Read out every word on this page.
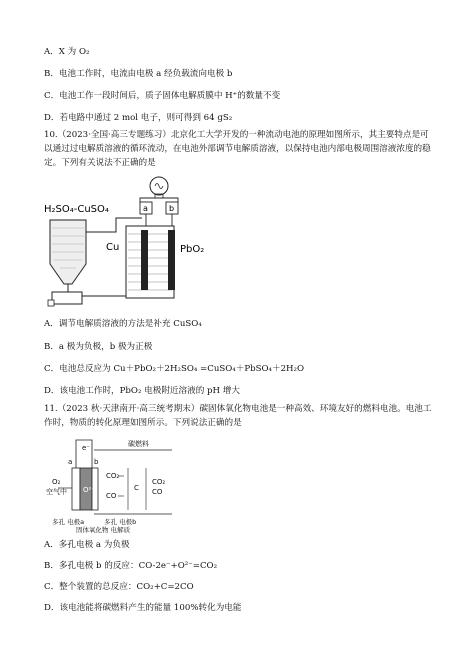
A．X 为 O₂
B．电池工作时，电流由电极 a 经负载流向电极 b
C．电池工作一段时间后，质子固体电解质膜中 H⁺的数量不变
D．若电路中通过 2 mol 电子，则可得到 64 gS₂
10.（2023·全国·高三专题练习）北京化工大学开发的一种流动电池的原理如图所示，其主要特点是可以通过过电解质溶液的循环流动，在电池外部调节电解质溶液，以保持电池内部电极周围溶液浓度的稳定。下列有关说法不正确的是
a	b
Cu	PbO₂
H₂SO₄-CuSO₄
A．调节电解质溶液的方法是补充 CuSO₄
B．a 极为负极，b 极为正极
C．电池总反应为 Cu＋PbO₂＋2H₂SO₄ =CuSO₄＋PbSO₄＋2H₂O
D．该电池工作时，PbO₂ 电极附近溶液的 pH 增大
11.（2023 秋·天津南开·高三统考期末）碳固体氧化物电池是一种高效、环境友好的燃料电池。电池工作时，物质的转化原理如图所示。下列说法正确的是
碳燃料
e⁻
a	b
O²⁻
O₂
空气中
CO₂
CO
C
CO₂
CO
多孔 电极a
固体氧化物 电解质
多孔 电极b
A．多孔电极 a 为负极
B．多孔电极 b 的反应：CO-2e⁻+O²⁻=CO₂
C．整个装置的总反应：CO₂+C=2CO
D．该电池能将碳燃料产生的能量 100%转化为电能
